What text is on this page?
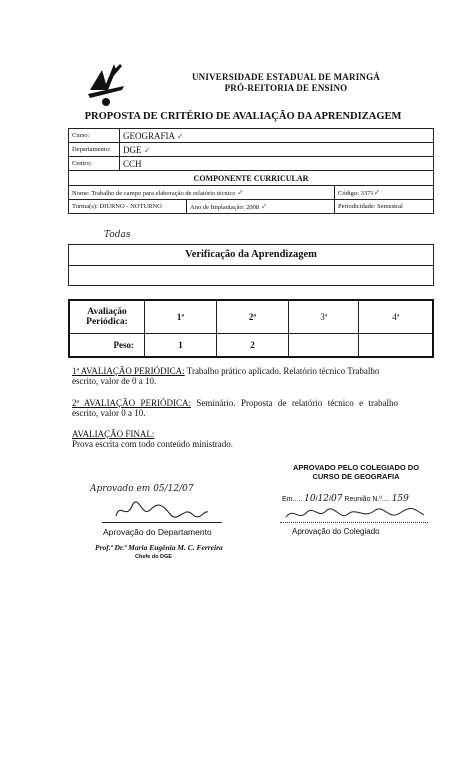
UNIVERSIDADE ESTADUAL DE MARINGÁ
PRÓ-REITORIA DE ENSINO
PROPOSTA DE CRITÉRIO DE AVALIAÇÃO DA APRENDIZAGEM
Curso:	GEOGRAFIA ✓	
Departamento:	DGE ✓	
Centro:	CCH	
COMPONENTE CURRICULAR		
Nome: Trabalho de campo para elaboração de relatório técnico ✓		Código: 3371✓

Turma(s): DIURNO - NOTURNO Ano de Implantação: 2008 ✓		Periodicidade: Semestral
Todas
Verificação da Aprendizagem
Avaliação Periódica:	1ª	2ª	3ª	4ª
Peso:	1	2		
1ª AVALIAÇÃO PERIÓDICA: Trabalho prático aplicado. Relatório técnico Trabalho escrito, valor de 0 a 10.
2ª AVALIAÇÃO PERIÓDICA: Seminário. Proposta de relatório técnico e trabalho escrito, valor 0 a 10.
AVALIAÇÃO FINAL:
Prova escrita com todo conteúdo ministrado.
APROVADO PELO COLEGIADO DO CURSO DE GEOGRAFIA
Em..... 10/12/07 Reunião N.º.... 159
Aprovação do Colegiado
Aprovado em 05/12/07
Aprovação do Departamento
Prof.ª Dr.ª Maria Eugênia M. C. Ferreira
Chefe do DGE
